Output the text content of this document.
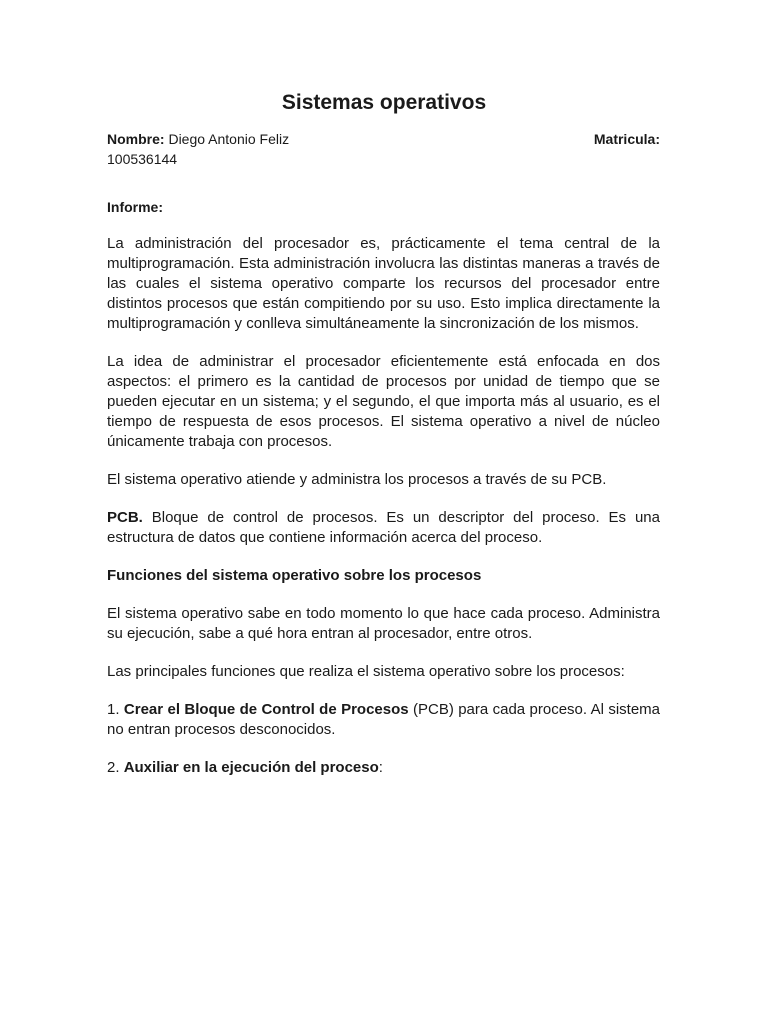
Sistemas operativos
Nombre: Diego Antonio Feliz	Matricula:
100536144
Informe:

La administración del procesador es, prácticamente el tema central de la multiprogramación. Esta administración involucra las distintas maneras a través de las cuales el sistema operativo comparte los recursos del procesador entre distintos procesos que están compitiendo por su uso. Esto implica directamente la multiprogramación y conlleva simultáneamente la sincronización de los mismos.

La idea de administrar el procesador eficientemente está enfocada en dos aspectos: el primero es la cantidad de procesos por unidad de tiempo que se pueden ejecutar en un sistema; y el segundo, el que importa más al usuario, es el tiempo de respuesta de esos procesos. El sistema operativo a nivel de núcleo únicamente trabaja con procesos.

El sistema operativo atiende y administra los procesos a través de su PCB.

PCB. Bloque de control de procesos. Es un descriptor del proceso. Es una estructura de datos que contiene información acerca del proceso.

Funciones del sistema operativo sobre los procesos

El sistema operativo sabe en todo momento lo que hace cada proceso. Administra su ejecución, sabe a qué hora entran al procesador, entre otros.

Las principales funciones que realiza el sistema operativo sobre los procesos:

1. Crear el Bloque de Control de Procesos (PCB) para cada proceso. Al sistema no entran procesos desconocidos.

2. Auxiliar en la ejecución del proceso:
